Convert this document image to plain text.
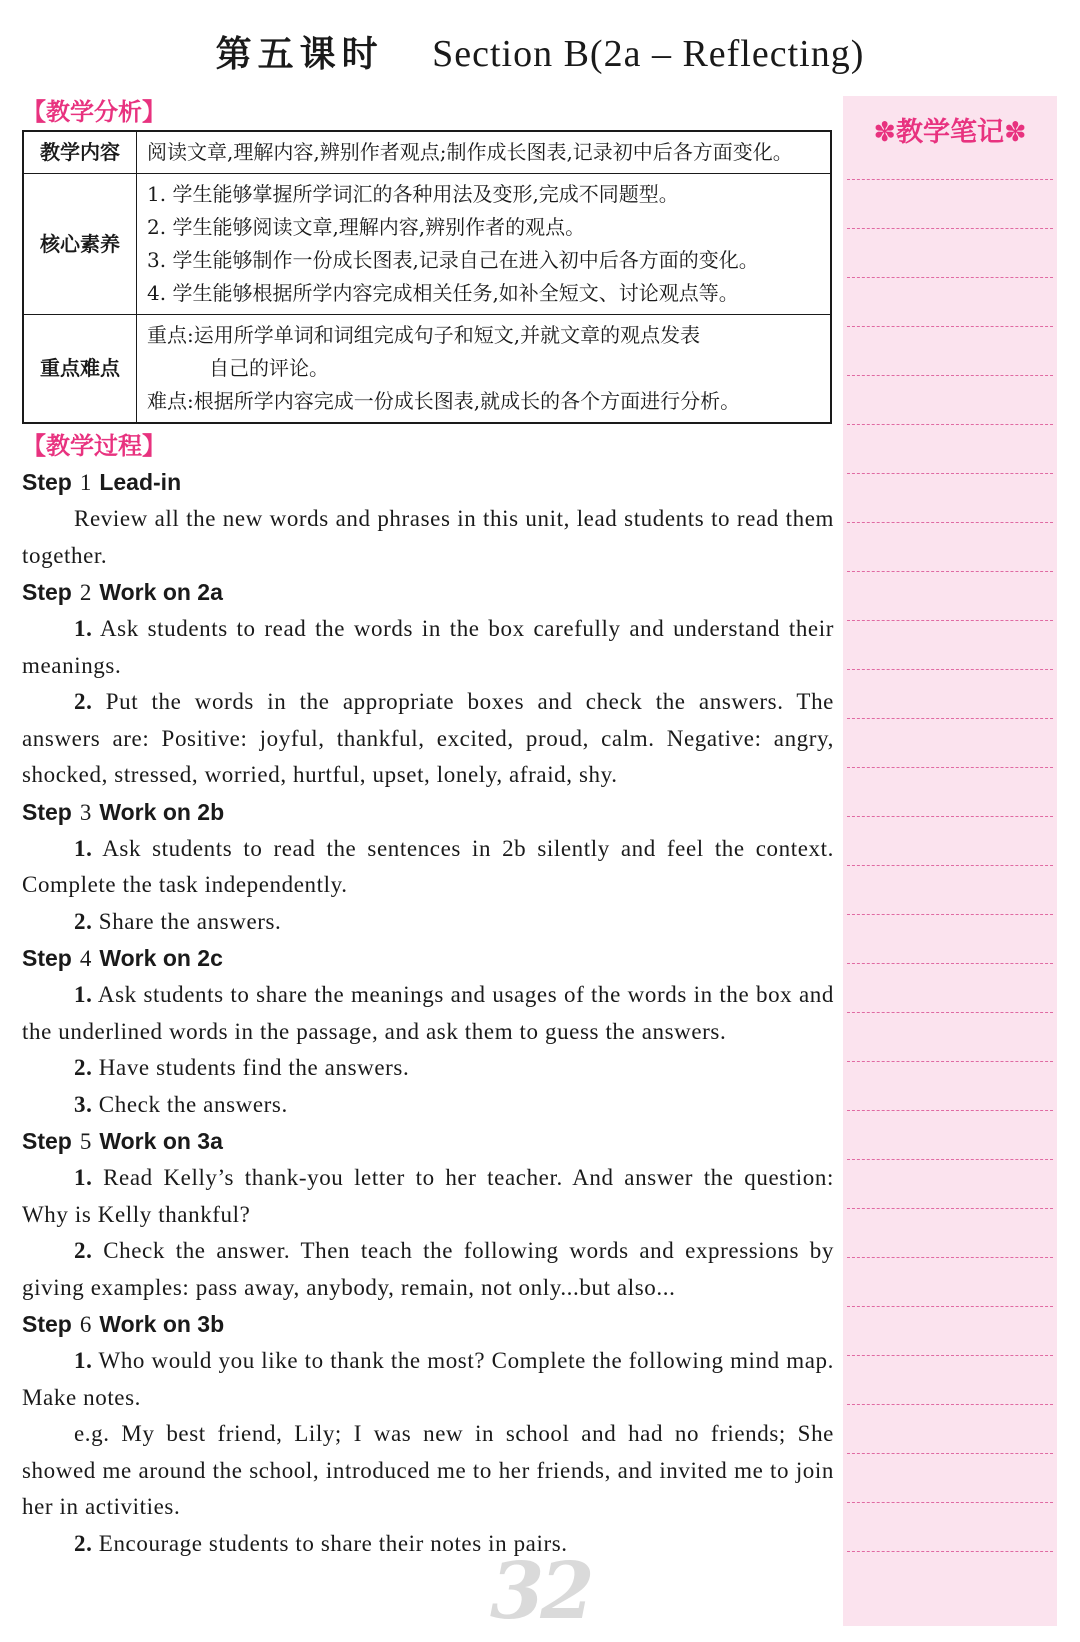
第五课时 Section B(2a – Reflecting)
【教学分析】
教学内容	阅读文章,理解内容,辨别作者观点;制作成长图表,记录初中后各方面变化。
核心素养	1. 学生能够掌握所学词汇的各种用法及变形,完成不同题型。
2. 学生能够阅读文章,理解内容,辨别作者的观点。
3. 学生能够制作一份成长图表,记录自己在进入初中后各方面的变化。
4. 学生能够根据所学内容完成相关任务,如补全短文、讨论观点等。

重点难点	重点:运用所学单词和词组完成句子和短文,并就文章的观点发表
自己的评论。
难点:根据所学内容完成一份成长图表,就成长的各个方面进行分析。
【教学过程】
Step 1 Lead-in

Review all the new words and phrases in this unit, lead students to read them together.

Step 2 Work on 2a

1. Ask students to read the words in the box carefully and understand their meanings.

2. Put the words in the appropriate boxes and check the answers. The answers are: Positive: joyful, thankful, excited, proud, calm. Negative: angry, shocked, stressed, worried, hurtful, upset, lonely, afraid, shy.

Step 3 Work on 2b

1. Ask students to read the sentences in 2b silently and feel the context. Complete the task independently.

2. Share the answers.

Step 4 Work on 2c

1. Ask students to share the meanings and usages of the words in the box and the underlined words in the passage, and ask them to guess the answers.

2. Have students find the answers.

3. Check the answers.

Step 5 Work on 3a

1. Read Kelly’s thank-you letter to her teacher. And answer the question: Why is Kelly thankful?

2. Check the answer. Then teach the following words and expressions by giving examples: pass away, anybody, remain, not only...but also...

Step 6 Work on 3b

1. Who would you like to thank the most? Complete the following mind map. Make notes.

e.g. My best friend, Lily; I was new in school and had no friends; She showed me around the school, introduced me to her friends, and invited me to join her in activities.

2. Encourage students to share their notes in pairs.

✽教学笔记✽
32
